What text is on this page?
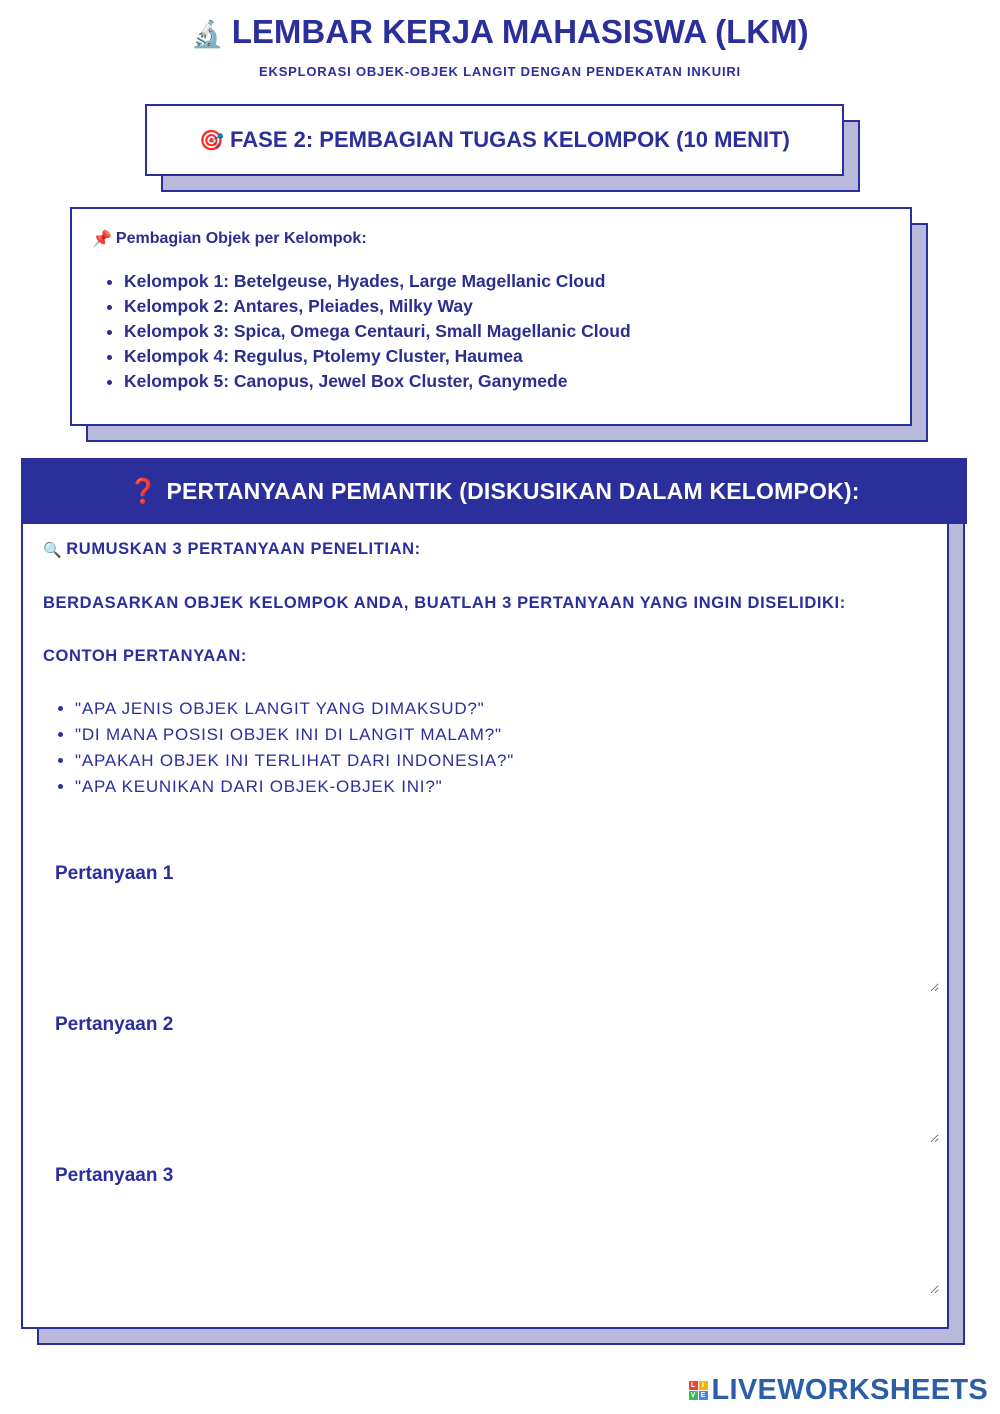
🔬 LEMBAR KERJA MAHASISWA (LKM)
EKSPLORASI OBJEK-OBJEK LANGIT DENGAN PENDEKATAN INKUIRI
🎯 FASE 2: PEMBAGIAN TUGAS KELOMPOK (10 MENIT)
📌 Pembagian Objek per Kelompok:
• Kelompok 1: Betelgeuse, Hyades, Large Magellanic Cloud
• Kelompok 2: Antares, Pleiades, Milky Way
• Kelompok 3: Spica, Omega Centauri, Small Magellanic Cloud
• Kelompok 4: Regulus, Ptolemy Cluster, Haumea
• Kelompok 5: Canopus, Jewel Box Cluster, Ganymede
❓ PERTANYAAN PEMANTIK (DISKUSIKAN DALAM KELOMPOK):
🔍 RUMUSKAN 3 PERTANYAAN PENELITIAN:
BERDASARKAN OBJEK KELOMPOK ANDA, BUATLAH 3 PERTANYAAN YANG INGIN DISELIDIKI:
CONTOH PERTANYAAN:
• "APA JENIS OBJEK LANGIT YANG DIMAKSUD?"
• "DI MANA POSISI OBJEK INI DI LANGIT MALAM?"
• "APAKAH OBJEK INI TERLIHAT DARI INDONESIA?"
• "APA KEUNIKAN DARI OBJEK-OBJEK INI?"
Pertanyaan 1
Pertanyaan 2
Pertanyaan 3
L I
V E LIVEWORKSHEETS
